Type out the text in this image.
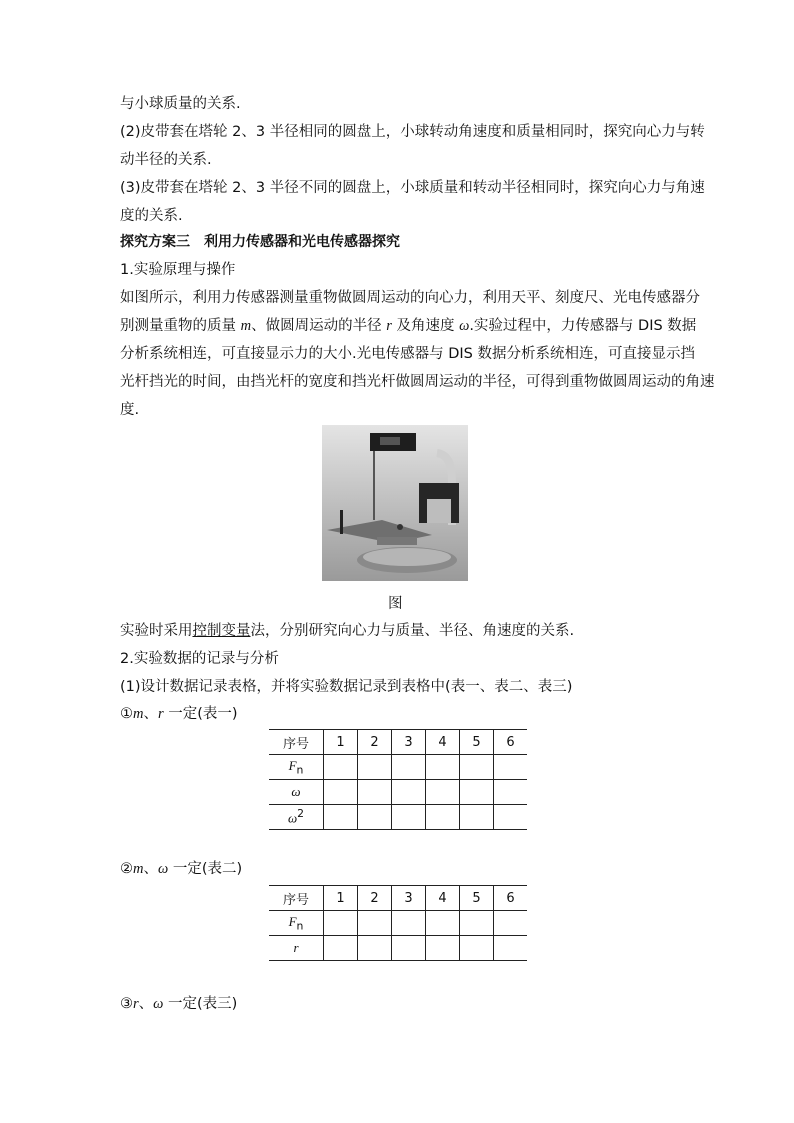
与小球质量的关系.

(2)皮带套在塔轮 2、3 半径相同的圆盘上，小球转动角速度和质量相同时，探究向心力与转

动半径的关系.

(3)皮带套在塔轮 2、3 半径不同的圆盘上，小球质量和转动半径相同时，探究向心力与角速

度的关系.

探究方案三　利用力传感器和光电传感器探究

1.实验原理与操作

如图所示，利用力传感器测量重物做圆周运动的向心力，利用天平、刻度尺、光电传感器分

别测量重物的质量 m、做圆周运动的半径 r 及角速度 ω.实验过程中，力传感器与 DIS 数据

分析系统相连，可直接显示力的大小.光电传感器与 DIS 数据分析系统相连，可直接显示挡

光杆挡光的时间，由挡光杆的宽度和挡光杆做圆周运动的半径，可得到重物做圆周运动的角速

度.

图

实验时采用控制变量法，分别研究向心力与质量、半径、角速度的关系.

2.实验数据的记录与分析

(1)设计数据记录表格，并将实验数据记录到表格中(表一、表二、表三)

①m、r 一定(表一)

序号	1	2	3	4	5	6
$F_n$						
ω						
$\omega^2$						

②m、ω 一定(表二)

序号	1	2	3	4	5	6
$F_n$						
r						

③r、ω 一定(表三)
